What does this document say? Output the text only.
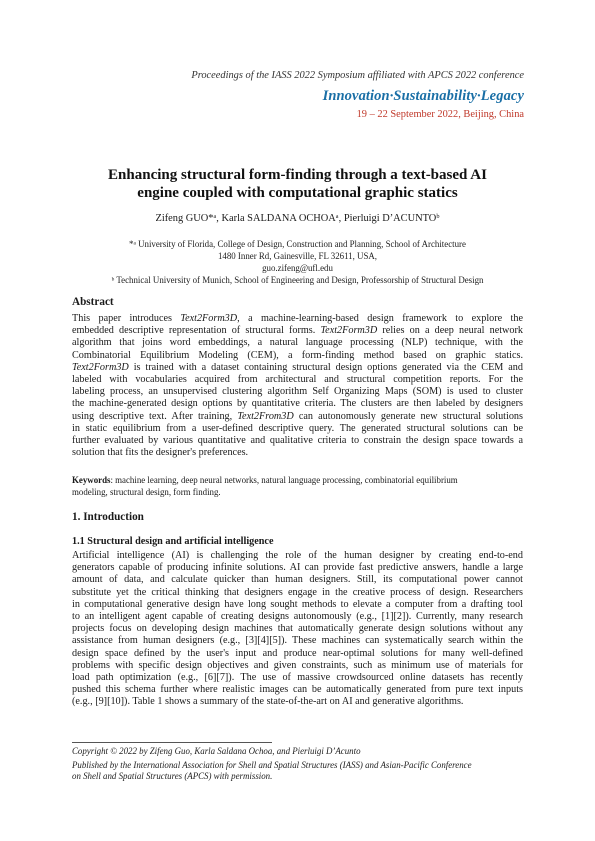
Proceedings of the IASS 2022 Symposium affiliated with APCS 2022 conference
Innovation·Sustainability·Legacy
19 – 22 September 2022, Beijing, China
Enhancing structural form-finding through a text-based AI
engine coupled with computational graphic statics
Zifeng GUO*ᵃ, Karla SALDANA OCHOAᵃ, Pierluigi D’ACUNTOᵇ
*ᵃ University of Florida, College of Design, Construction and Planning, School of Architecture
1480 Inner Rd, Gainesville, FL 32611, USA,
guo.zifeng@ufl.edu
ᵇ Technical University of Munich, School of Engineering and Design, Professorship of Structural Design
Abstract
This paper introduces Text2Form3D, a machine-learning-based design framework to explore the
embedded descriptive representation of structural forms. Text2Form3D relies on a deep neural network
algorithm that joins word embeddings, a natural language processing (NLP) technique, with the
Combinatorial Equilibrium Modeling (CEM), a form-finding method based on graphic statics.
Text2Form3D is trained with a dataset containing structural design options generated via the CEM and
labeled with vocabularies acquired from architectural and structural competition reports. For the
labeling process, an unsupervised clustering algorithm Self Organizing Maps (SOM) is used to cluster
the machine-generated design options by quantitative criteria. The clusters are then labeled by designers
using descriptive text. After training, Text2From3D can autonomously generate new structural solutions
in static equilibrium from a user-defined descriptive query. The generated structural solutions can be
further evaluated by various quantitative and qualitative criteria to constrain the design space towards a
solution that fits the designer's preferences.
Keywords: machine learning, deep neural networks, natural language processing, combinatorial equilibrium
modeling, structural design, form finding.
1. Introduction
1.1 Structural design and artificial intelligence
Artificial intelligence (AI) is challenging the role of the human designer by creating end-to-end
generators capable of producing infinite solutions. AI can provide fast predictive answers, handle a large
amount of data, and calculate quicker than human designers. Still, its computational power cannot
substitute yet the critical thinking that designers engage in the creative process of design. Researchers
in computational generative design have long sought methods to elevate a computer from a drafting tool
to an intelligent agent capable of creating designs autonomously (e.g., [1][2]). Currently, many research
projects focus on developing design machines that automatically generate design solutions without any
assistance from human designers (e.g., [3][4][5]). These machines can systematically search within the
design space defined by the user's input and produce near-optimal solutions for many well-defined
problems with specific design objectives and given constraints, such as minimum use of materials for
load path optimization (e.g., [6][7]). The use of massive crowdsourced online datasets has recently
pushed this schema further where realistic images can be automatically generated from pure text inputs
(e.g., [9][10]). Table 1 shows a summary of the state-of-the-art on AI and generative algorithms.
Copyright © 2022 by Zifeng Guo, Karla Saldana Ochoa, and Pierluigi D’Acunto
Published by the International Association for Shell and Spatial Structures (IASS) and Asian-Pacific Conference
on Shell and Spatial Structures (APCS) with permission.
